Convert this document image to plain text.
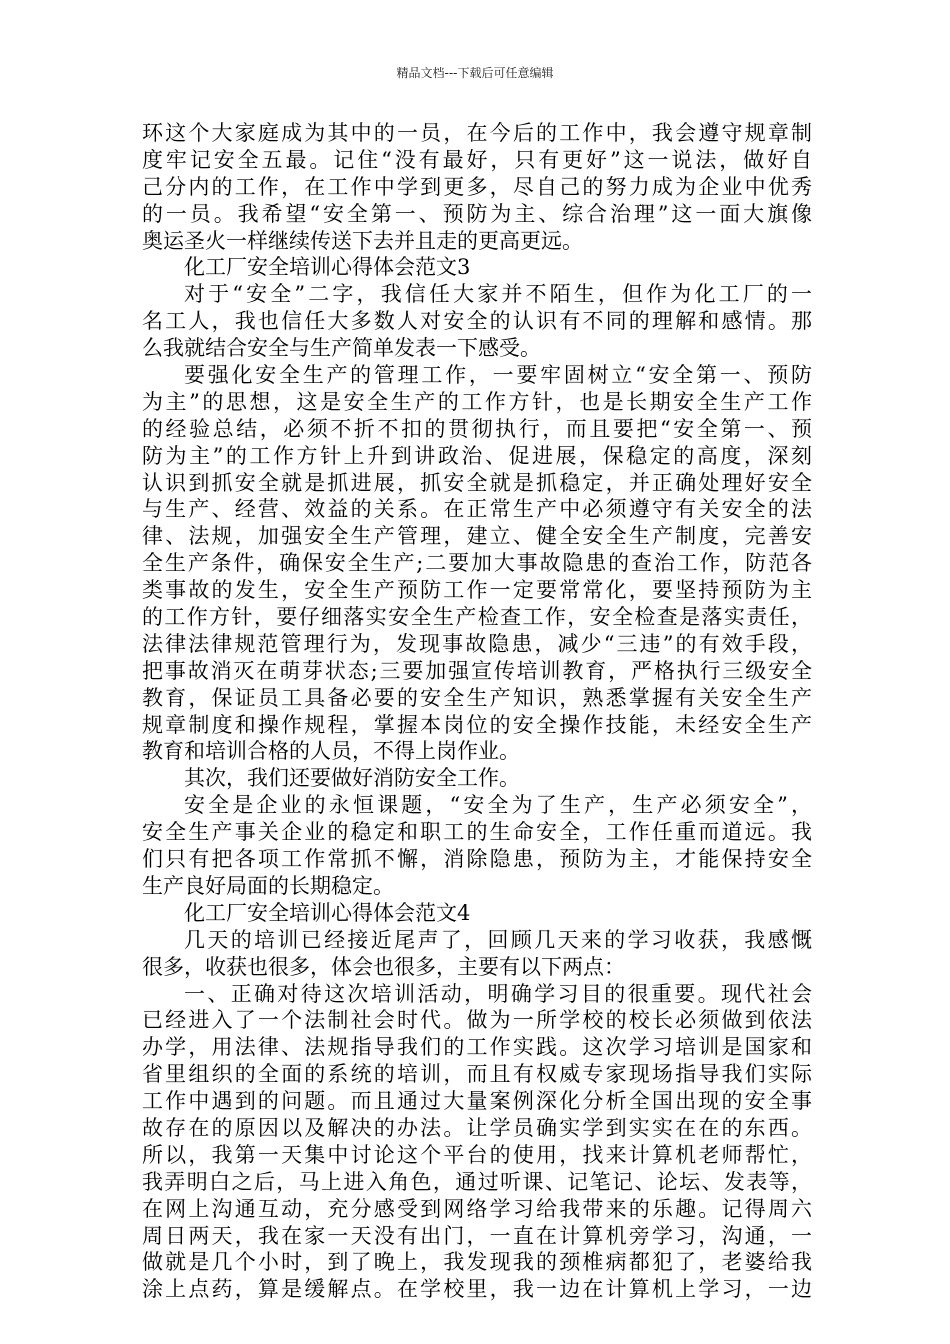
精品文档---下载后可任意编辑
环这个大家庭成为其中的一员，在今后的工作中，我会遵守规章制
度牢记安全五最。记住“没有最好，只有更好”这一说法，做好自
己分内的工作，在工作中学到更多，尽自己的努力成为企业中优秀
的一员。我希望“安全第一、预防为主、综合治理”这一面大旗像
奥运圣火一样继续传送下去并且走的更高更远。
化工厂安全培训心得体会范文3
对于“安全”二字，我信任大家并不陌生，但作为化工厂的一
名工人，我也信任大多数人对安全的认识有不同的理解和感情。那
么我就结合安全与生产简单发表一下感受。
要强化安全生产的管理工作，一要牢固树立“安全第一、预防
为主”的思想，这是安全生产的工作方针，也是长期安全生产工作
的经验总结，必须不折不扣的贯彻执行，而且要把“安全第一、预
防为主”的工作方针上升到讲政治、促进展，保稳定的高度，深刻
认识到抓安全就是抓进展，抓安全就是抓稳定，并正确处理好安全
与生产、经营、效益的关系。在正常生产中必须遵守有关安全的法
律、法规，加强安全生产管理，建立、健全安全生产制度，完善安
全生产条件，确保安全生产;二要加大事故隐患的查治工作，防范各
类事故的发生，安全生产预防工作一定要常常化，要坚持预防为主
的工作方针，要仔细落实安全生产检查工作，安全检查是落实责任，
法律法律规范管理行为，发现事故隐患，减少“三违”的有效手段，
把事故消灭在萌芽状态;三要加强宣传培训教育，严格执行三级安全
教育，保证员工具备必要的安全生产知识，熟悉掌握有关安全生产
规章制度和操作规程，掌握本岗位的安全操作技能，未经安全生产
教育和培训合格的人员，不得上岗作业。
其次，我们还要做好消防安全工作。
安全是企业的永恒课题，“安全为了生产，生产必须安全”，
安全生产事关企业的稳定和职工的生命安全，工作任重而道远。我
们只有把各项工作常抓不懈，消除隐患，预防为主，才能保持安全
生产良好局面的长期稳定。
化工厂安全培训心得体会范文4
几天的培训已经接近尾声了，回顾几天来的学习收获，我感慨
很多，收获也很多，体会也很多，主要有以下两点：
一、正确对待这次培训活动，明确学习目的很重要。现代社会
已经进入了一个法制社会时代。做为一所学校的校长必须做到依法
办学，用法律、法规指导我们的工作实践。这次学习培训是国家和
省里组织的全面的系统的培训，而且有权威专家现场指导我们实际
工作中遇到的问题。而且通过大量案例深化分析全国出现的安全事
故存在的原因以及解决的办法。让学员确实学到实实在在的东西。
所以，我第一天集中讨论这个平台的使用，找来计算机老师帮忙，
我弄明白之后，马上进入角色，通过听课、记笔记、论坛、发表等，
在网上沟通互动，充分感受到网络学习给我带来的乐趣。记得周六
周日两天，我在家一天没有出门，一直在计算机旁学习，沟通，一
做就是几个小时，到了晚上，我发现我的颈椎病都犯了，老婆给我
涂上点药，算是缓解点。在学校里，我一边在计算机上学习，一边
